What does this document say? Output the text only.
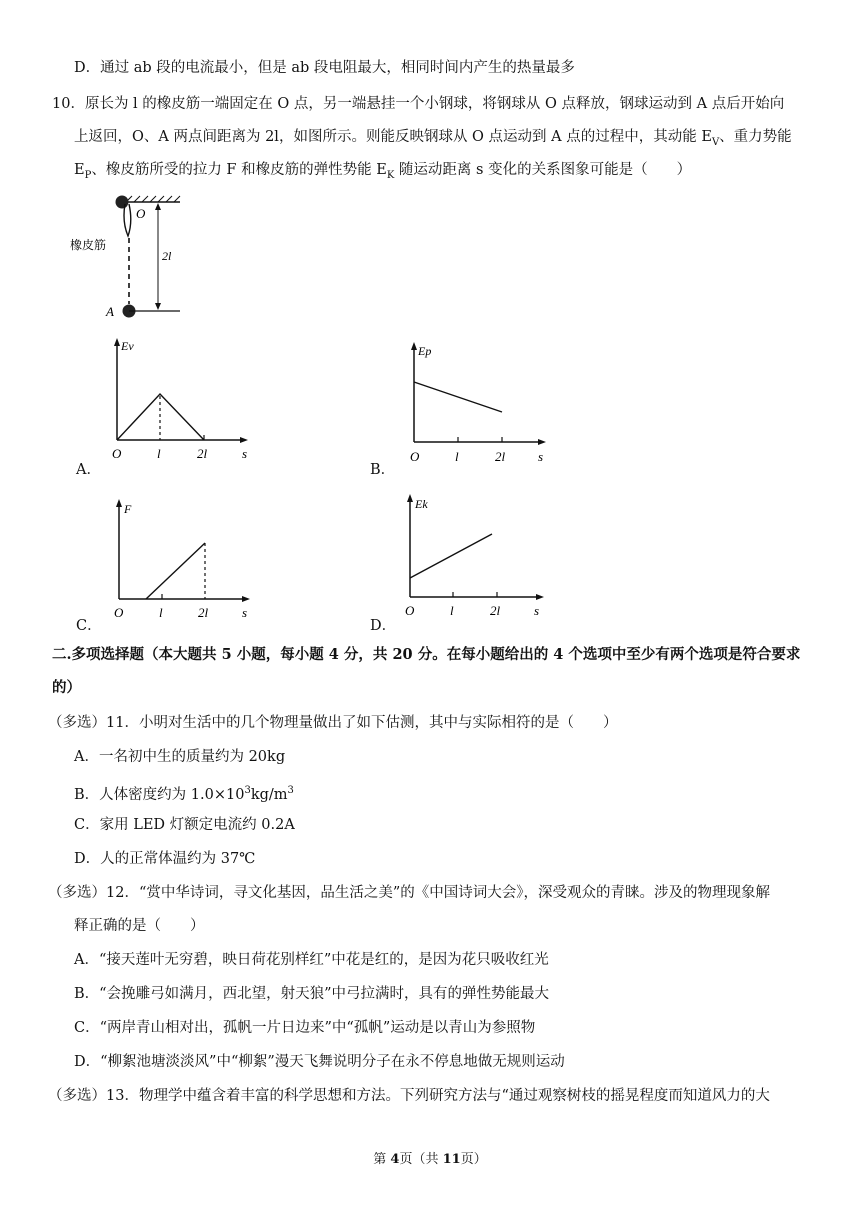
D．通过 ab 段的电流最小，但是 ab 段电阻最大，相同时间内产生的热量最多
10．原长为 l 的橡皮筋一端固定在 O 点，另一端悬挂一个小钢球，将钢球从 O 点释放，钢球运动到 A 点后开始向
上返回，O、A 两点间距离为 2l，如图所示。则能反映钢球从 O 点运动到 A 点的过程中，其动能 $E_V$、重力势能
$E_P$、橡皮筋所受的拉力 F 和橡皮筋的弹性势能 $E_K$ 随运动距离 s 变化的关系图象可能是（　　）
O
A
橡皮筋
2l
A．
Ev
O	l	2l	s
B．
Ep
O	l	2l	s
C．
F
O	l	2l	s
D．
Ek
O	l	2l	s
二.多项选择题（本大题共 5 小题，每小题 4 分，共 20 分。在每小题给出的 4 个选项中至少有两个选项是符合要求
的）
（多选）11．小明对生活中的几个物理量做出了如下估测，其中与实际相符的是（　　）
A．一名初中生的质量约为 20kg
B．人体密度约为 $1.0\times 10^3kg/m^3$
C．家用 LED 灯额定电流约 0.2A
D．人的正常体温约为 37℃
（多选）12．“赏中华诗词，寻文化基因，品生活之美”的《中国诗词大会》，深受观众的青睐。涉及的物理现象解
释正确的是（　　）
A．“接天莲叶无穷碧，映日荷花别样红”中花是红的，是因为花只吸收红光
B．“会挽雕弓如满月，西北望，射天狼”中弓拉满时，具有的弹性势能最大
C．“两岸青山相对出，孤帆一片日边来”中“孤帆”运动是以青山为参照物
D．“柳絮池塘淡淡风”中“柳絮”漫天飞舞说明分子在永不停息地做无规则运动
（多选）13．物理学中蕴含着丰富的科学思想和方法。下列研究方法与“通过观察树枝的摇晃程度而知道风力的大
第 4页（共 11页）
